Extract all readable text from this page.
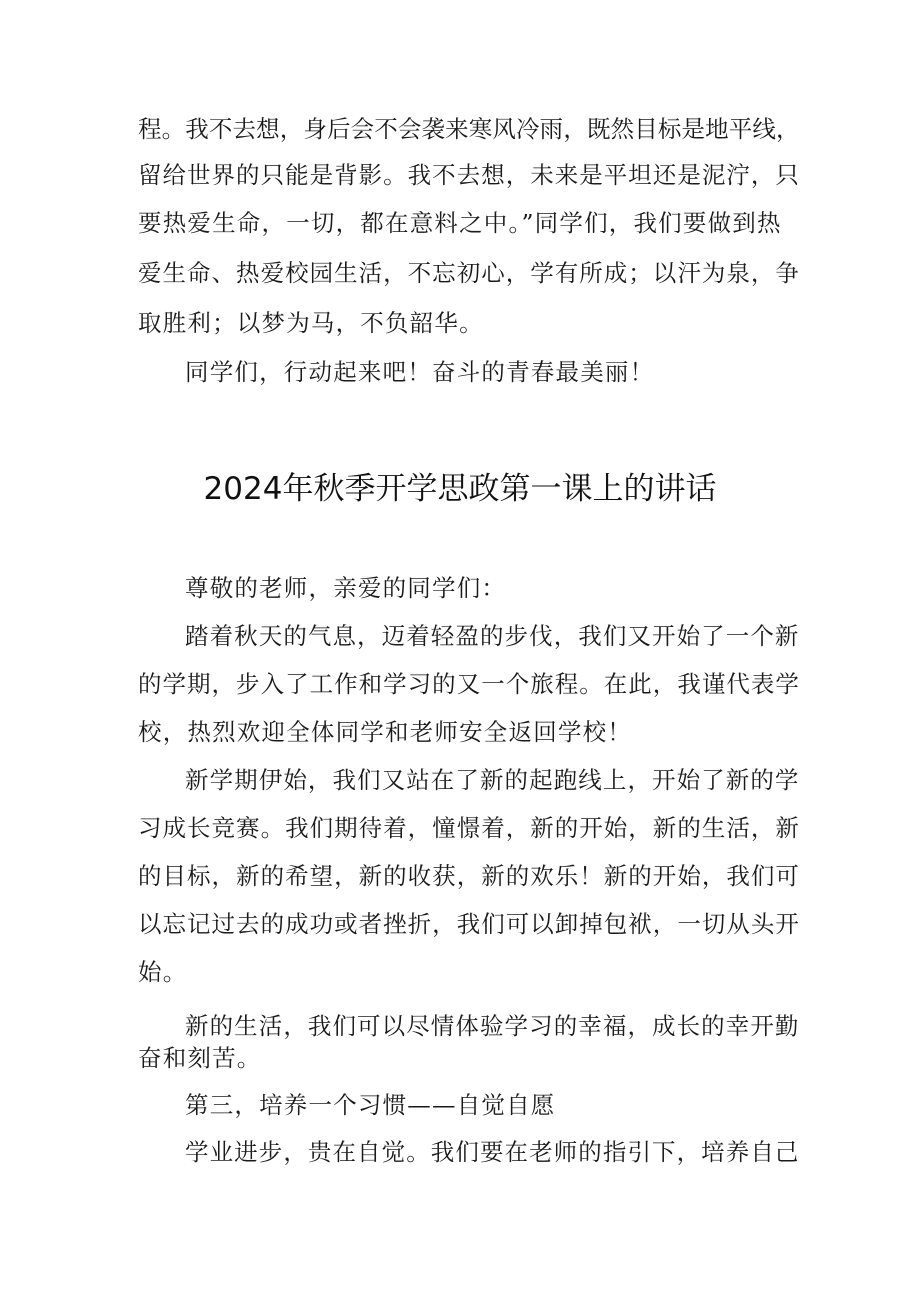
程。我不去想，身后会不会袭来寒风冷雨，既然目标是地平线，
留给世界的只能是背影。我不去想，未来是平坦还是泥泞，只
要热爱生命，一切，都在意料之中。”同学们，我们要做到热
爱生命、热爱校园生活，不忘初心，学有所成；以汗为泉，争
取胜利；以梦为马，不负韶华。
同学们，行动起来吧！奋斗的青春最美丽！
2024年秋季开学思政第一课上的讲话
尊敬的老师，亲爱的同学们：
踏着秋天的气息，迈着轻盈的步伐，我们又开始了一个新
的学期，步入了工作和学习的又一个旅程。在此，我谨代表学
校，热烈欢迎全体同学和老师安全返回学校！
新学期伊始，我们又站在了新的起跑线上，开始了新的学
习成长竞赛。我们期待着，憧憬着，新的开始，新的生活，新
的目标，新的希望，新的收获，新的欢乐！新的开始，我们可
以忘记过去的成功或者挫折，我们可以卸掉包袱，一切从头开
始。
新的生活，我们可以尽情体验学习的幸福，成长的幸开勤
奋和刻苦。
第三，培养一个习惯——自觉自愿
学业进步，贵在自觉。我们要在老师的指引下，培养自己
